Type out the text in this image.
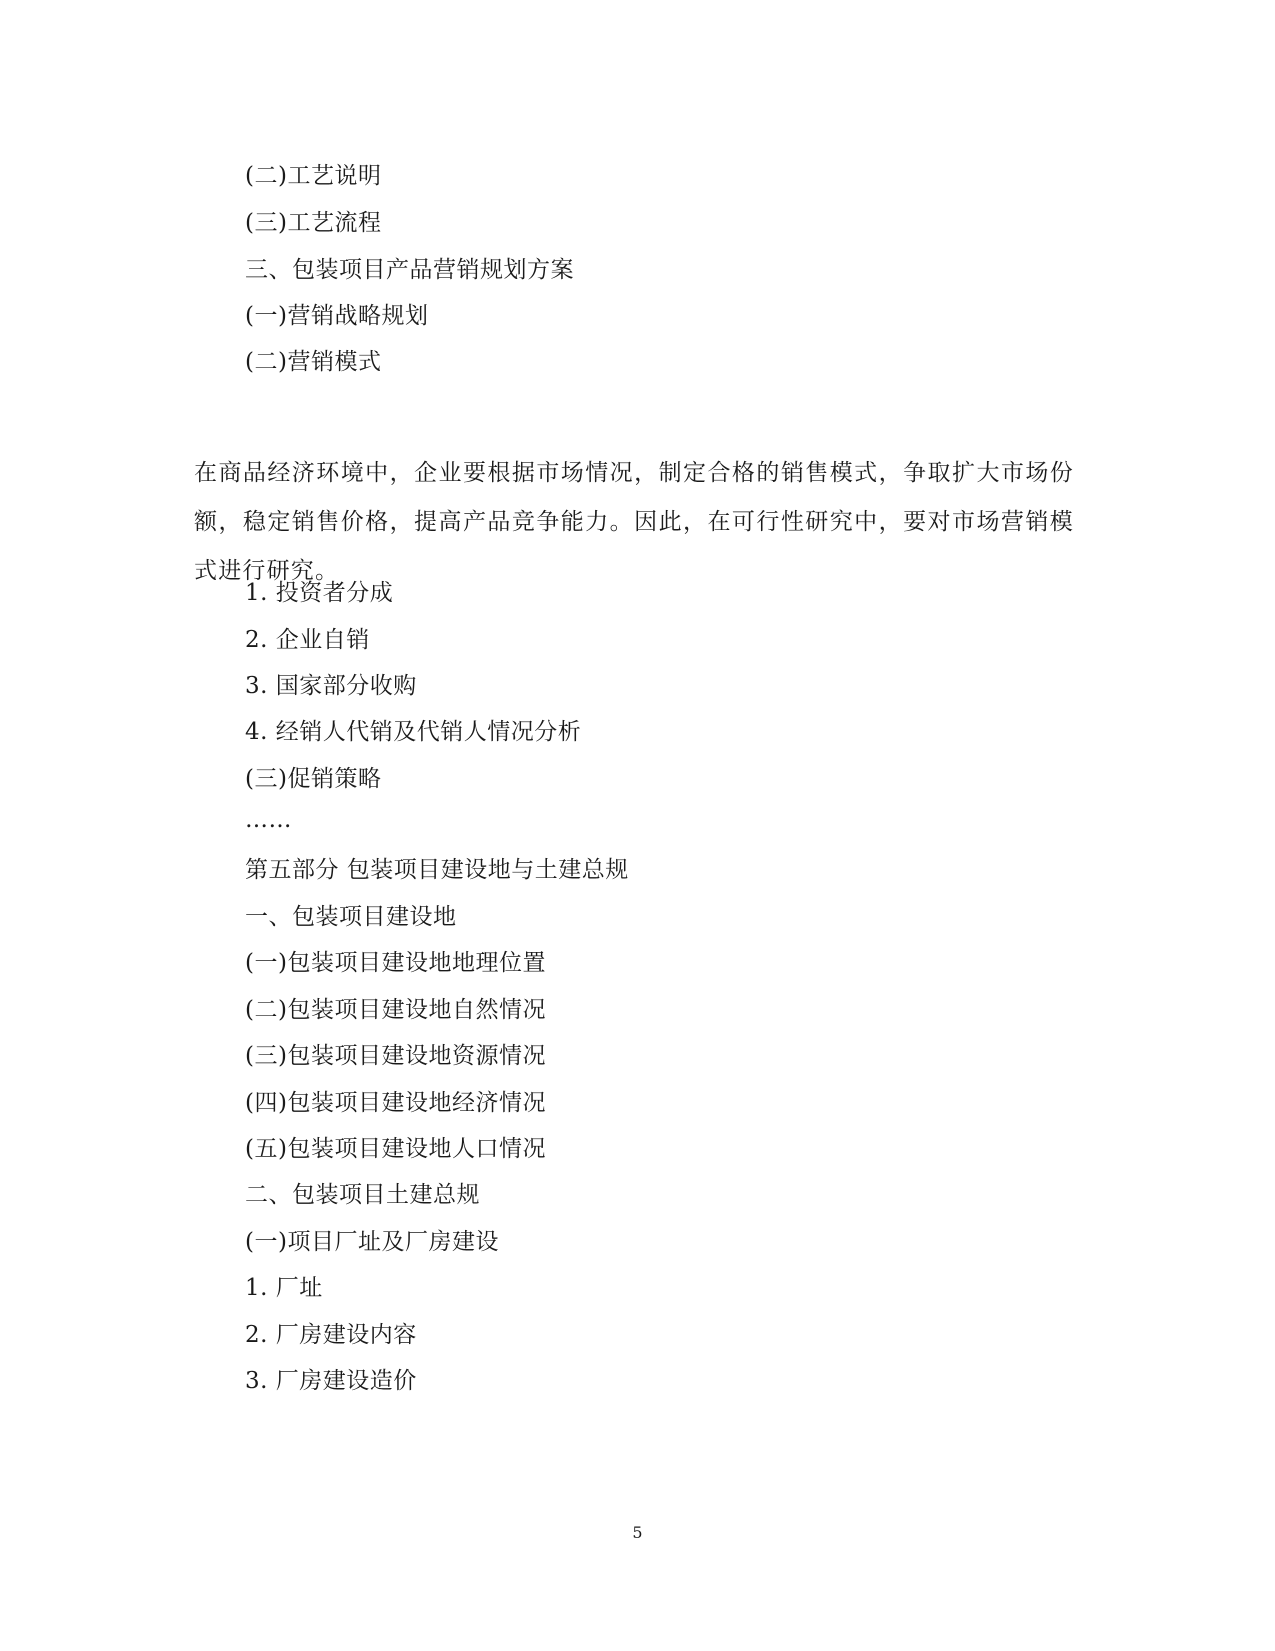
(二)工艺说明
(三)工艺流程
三、包装项目产品营销规划方案
(一)营销战略规划
(二)营销模式
在商品经济环境中，企业要根据市场情况，制定合格的销售模式，争取扩大市场份额，稳定销售价格，提高产品竞争能力。因此，在可行性研究中，要对市场营销模式进行研究。
1. 投资者分成
2. 企业自销
3. 国家部分收购
4. 经销人代销及代销人情况分析
(三)促销策略
……
第五部分 包装项目建设地与土建总规
一、包装项目建设地
(一)包装项目建设地地理位置
(二)包装项目建设地自然情况
(三)包装项目建设地资源情况
(四)包装项目建设地经济情况
(五)包装项目建设地人口情况
二、包装项目土建总规
(一)项目厂址及厂房建设
1. 厂址
2. 厂房建设内容
3. 厂房建设造价
5
